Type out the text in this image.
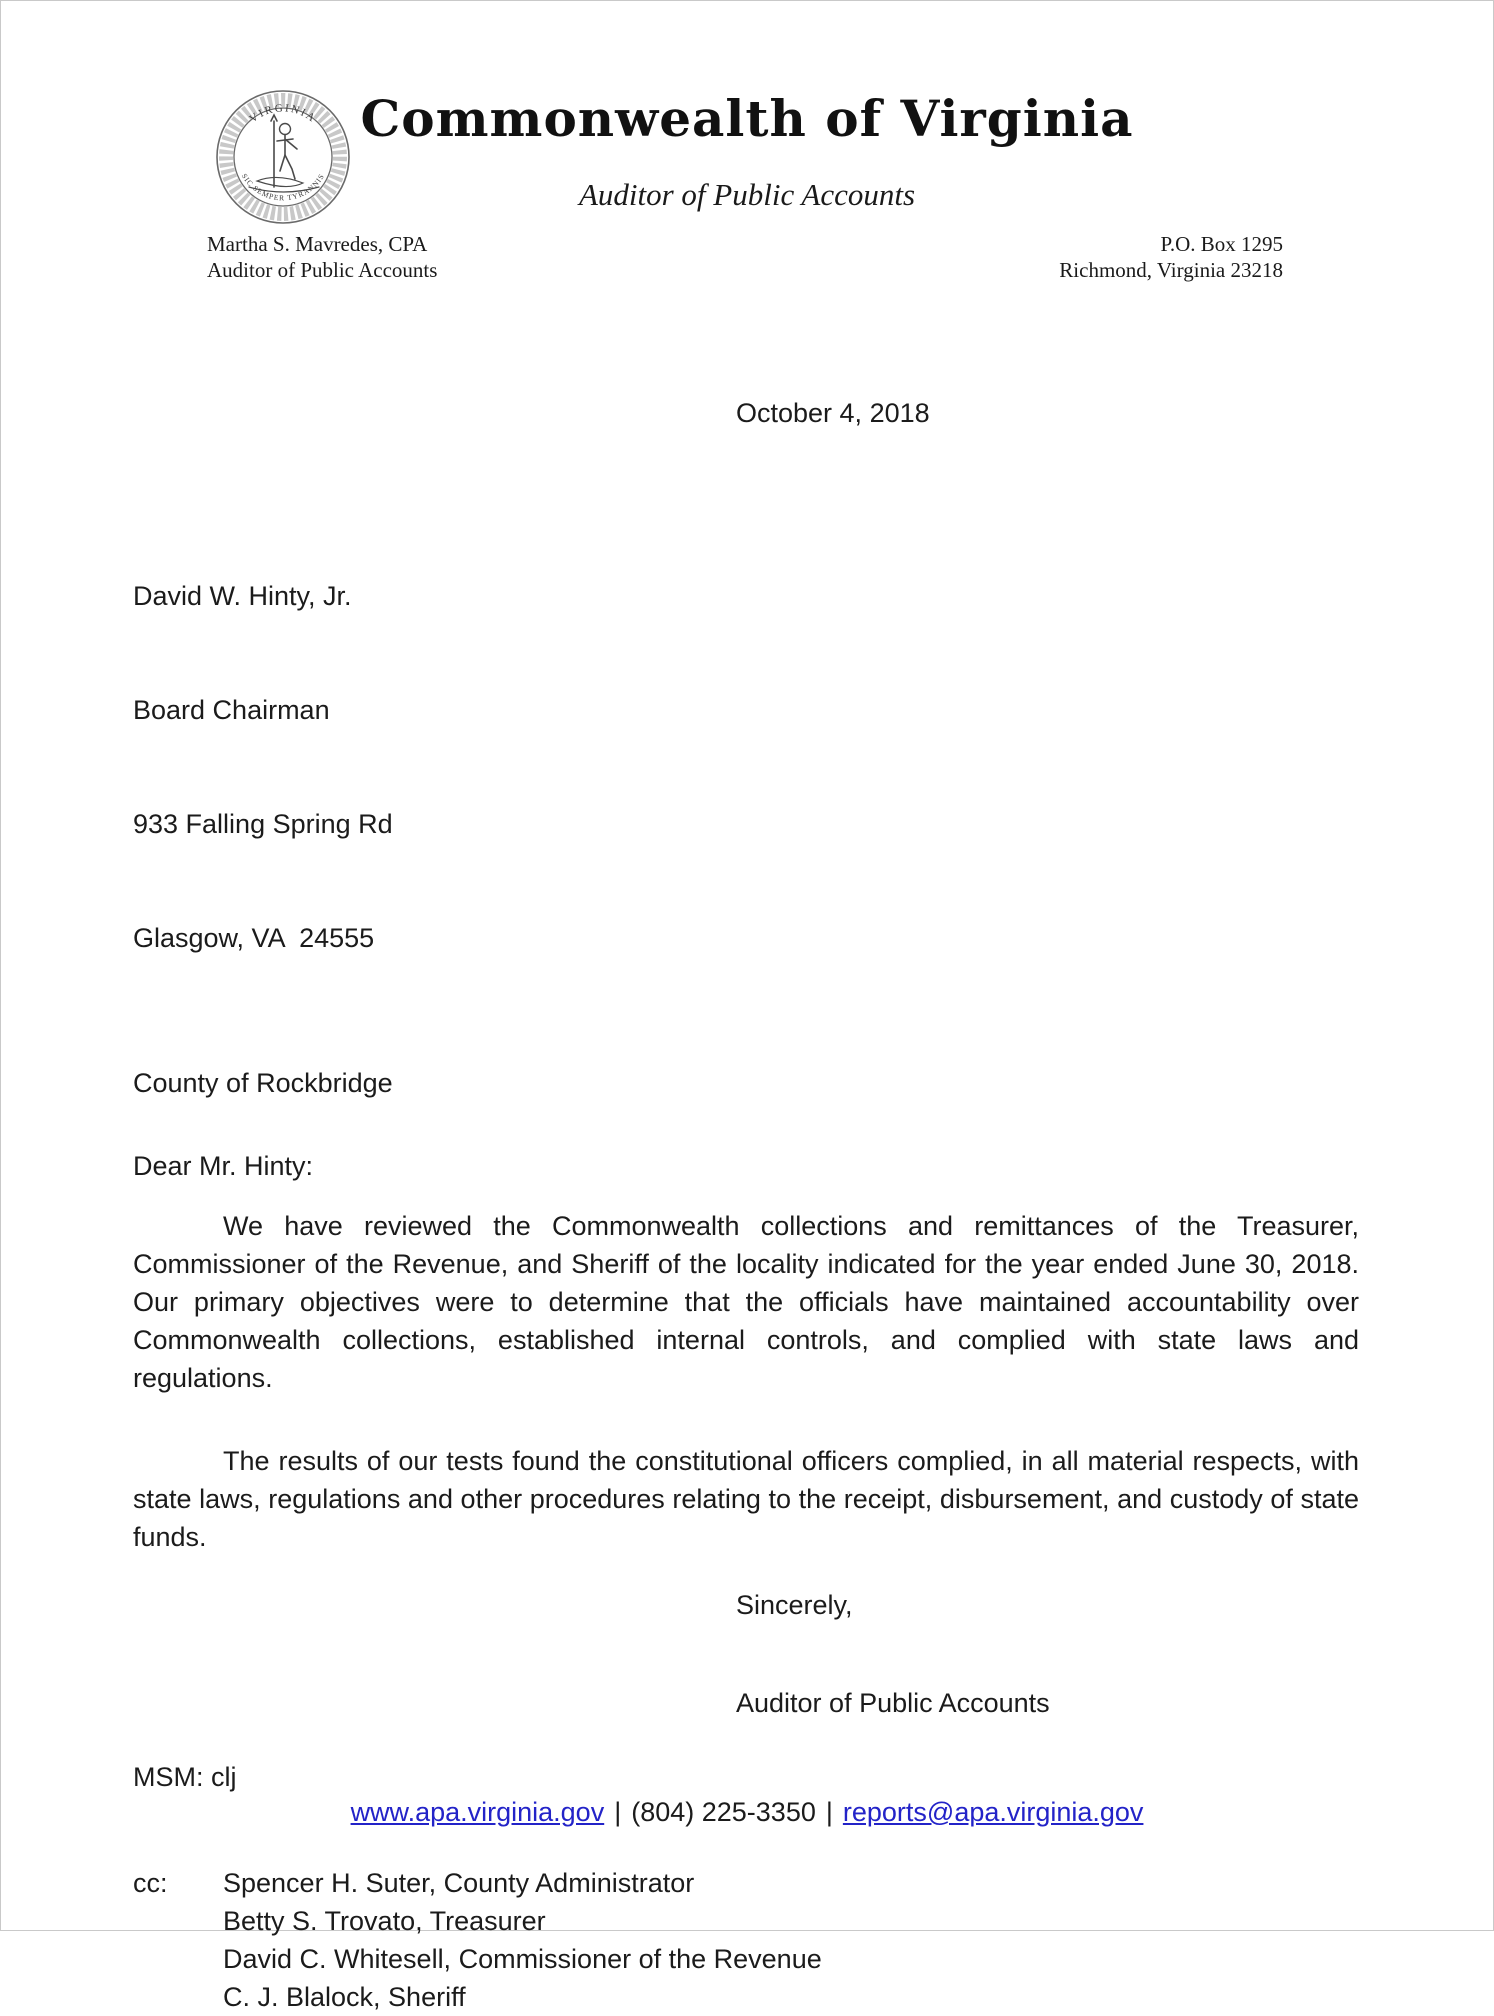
VIRGINIA
SIC SEMPER TYRANNIS
Commonwealth of Virginia
Auditor of Public Accounts
Martha S. Mavredes, CPA
Auditor of Public Accounts
P.O. Box 1295
Richmond, Virginia 23218
October 4, 2018

David W. Hinty, Jr.

Board Chairman

933 Falling Spring Rd

Glasgow, VA  24555

County of Rockbridge
Dear Mr. Hinty:
We have reviewed the Commonwealth collections and remittances of the Treasurer, Commissioner of the Revenue, and Sheriff of the locality indicated for the year ended June 30, 2018. Our primary objectives were to determine that the officials have maintained accountability over Commonwealth collections, established internal controls, and complied with state laws and regulations.
The results of our tests found the constitutional officers complied, in all material respects, with state laws, regulations and other procedures relating to the receipt, disbursement, and custody of state funds.
Sincerely,
Auditor of Public Accounts
MSM: clj
cc:	Spencer H. Suter, County Administrator
Betty S. Trovato, Treasurer
David C. Whitesell, Commissioner of the Revenue
C. J. Blalock, Sheriff
www.apa.virginia.gov | (804) 225-3350 | reports@apa.virginia.gov
